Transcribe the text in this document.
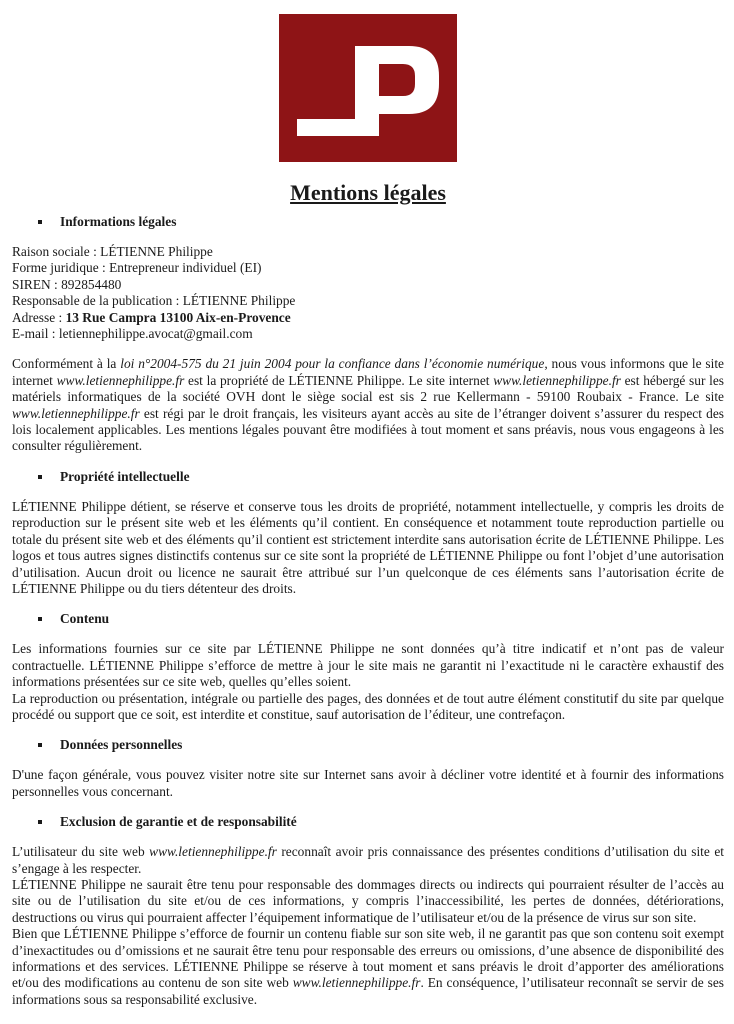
Mentions légales
Informations légales
Raison sociale : LÉTIENNE Philippe
Forme juridique : Entrepreneur individuel (EI)
SIREN : 892854480
Responsable de la publication : LÉTIENNE Philippe
Adresse : 13 Rue Campra 13100 Aix-en-Provence
E-mail : letiennephilippe.avocat@gmail.com

Conformément à la loi n°2004-575 du 21 juin 2004 pour la confiance dans l’économie numérique, nous vous informons que le site internet www.letiennephilippe.fr est la propriété de LÉTIENNE Philippe. Le site internet www.letiennephilippe.fr est hébergé sur les matériels informatiques de la société OVH dont le siège social est sis 2 rue Kellermann - 59100 Roubaix - France. Le site www.letiennephilippe.fr est régi par le droit français, les visiteurs ayant accès au site de l’étranger doivent s’assurer du respect des lois localement applicables. Les mentions légales pouvant être modifiées à tout moment et sans préavis, nous vous engageons à les consulter régulièrement.

Propriété intellectuelle

LÉTIENNE Philippe détient, se réserve et conserve tous les droits de propriété, notamment intellectuelle, y compris les droits de reproduction sur le présent site web et les éléments qu’il contient. En conséquence et notamment toute reproduction partielle ou totale du présent site web et des éléments qu’il contient est strictement interdite sans autorisation écrite de LÉTIENNE Philippe. Les logos et tous autres signes distinctifs contenus sur ce site sont la propriété de LÉTIENNE Philippe ou font l’objet d’une autorisation d’utilisation. Aucun droit ou licence ne saurait être attribué sur l’un quelconque de ces éléments sans l’autorisation écrite de LÉTIENNE Philippe ou du tiers détenteur des droits.

Contenu

Les informations fournies sur ce site par LÉTIENNE Philippe ne sont données qu’à titre indicatif et n’ont pas de valeur contractuelle. LÉTIENNE Philippe s’efforce de mettre à jour le site mais ne garantit ni l’exactitude ni le caractère exhaustif des informations présentées sur ce site web, quelles qu’elles soient.

La reproduction ou présentation, intégrale ou partielle des pages, des données et de tout autre élément constitutif du site par quelque procédé ou support que ce soit, est interdite et constitue, sauf autorisation de l’éditeur, une contrefaçon.

Données personnelles

D'une façon générale, vous pouvez visiter notre site sur Internet sans avoir à décliner votre identité et à fournir des informations personnelles vous concernant.

Exclusion de garantie et de responsabilité

L’utilisateur du site web www.letiennephilippe.fr reconnaît avoir pris connaissance des présentes conditions d’utilisation du site et s’engage à les respecter.

LÉTIENNE Philippe ne saurait être tenu pour responsable des dommages directs ou indirects qui pourraient résulter de l’accès au site ou de l’utilisation du site et/ou de ces informations, y compris l’inaccessibilité, les pertes de données, détériorations, destructions ou virus qui pourraient affecter l’équipement informatique de l’utilisateur et/ou de la présence de virus sur son site.

Bien que LÉTIENNE Philippe s’efforce de fournir un contenu fiable sur son site web, il ne garantit pas que son contenu soit exempt d’inexactitudes ou d’omissions et ne saurait être tenu pour responsable des erreurs ou omissions, d’une absence de disponibilité des informations et des services. LÉTIENNE Philippe se réserve à tout moment et sans préavis le droit d’apporter des améliorations et/ou des modifications au contenu de son site web www.letiennephilippe.fr. En conséquence, l’utilisateur reconnaît se servir de ses informations sous sa responsabilité exclusive.
